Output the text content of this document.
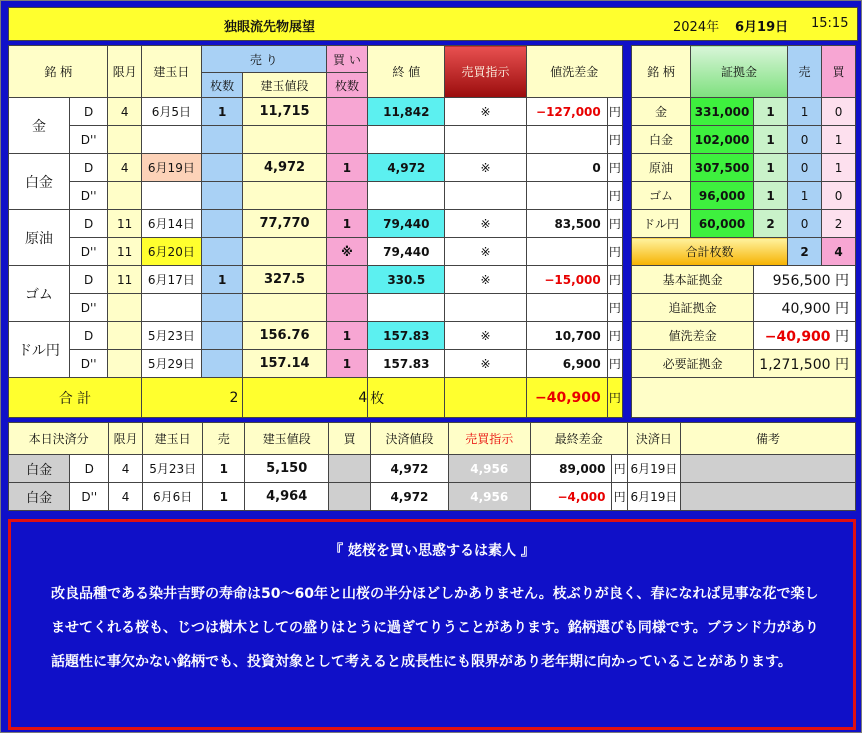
独眼流先物展望	2024年 6月19日 15:15
銘 柄		限月	建玉日	売 り		買 い	終 値	売買指示	値洗差金	
				枚数	建玉値段	枚数				
金	D	4	6月5日	1	11,715		11,842	※	−127,000	円
	D''									円
白金	D	4	6月19日		4,972	1	4,972	※	0	円
	D''									円
原油	D	11	6月14日		77,770	1	79,440	※	83,500	円
	D''	11	6月20日			※	79,440	※		円
ゴム	D	11	6月17日	1	327.5		330.5	※	−15,000	円
	D''									円
ドル円	D		5月23日		156.76	1	157.83	※	10,700	円
	D''		5月29日		157.14	1	157.83	※	6,900	円
合 計			2		4		枚		−40,900	円
銘 柄	証拠金		売	買
金	331,000	1	1	0
白金	102,000	1	0	1
原油	307,500	1	0	1
ゴム	96,000	1	1	0
ドル円	60,000	2	0	2
合計枚数			2	4
基本証拠金		956,500 円		
追証拠金		40,900 円		
値洗差金		−40,900 円		
必要証拠金		1,271,500 円		

本日決済分		限月	建玉日	売	建玉値段	買	決済値段	売買指示	最終差金		決済日	備考
白金	D	4	5月23日	1	5,150		4,972	4,956	89,000	円	6月19日	
白金	D''	4	6月6日	1	4,964		4,972	4,956	−4,000	円	6月19日	
『 姥桜を買い思惑するは素人 』
改良品種である染井吉野の寿命は50〜60年と山桜の半分ほどしかありません。枝ぶりが良く、春になれば見事な花で楽しませてくれる桜も、じつは樹木としての盛りはとうに過ぎてりうことがあります。銘柄選びも同様です。ブランド力があり話題性に事欠かない銘柄でも、投資対象として考えると成長性にも限界があり老年期に向かっていることがあります。
